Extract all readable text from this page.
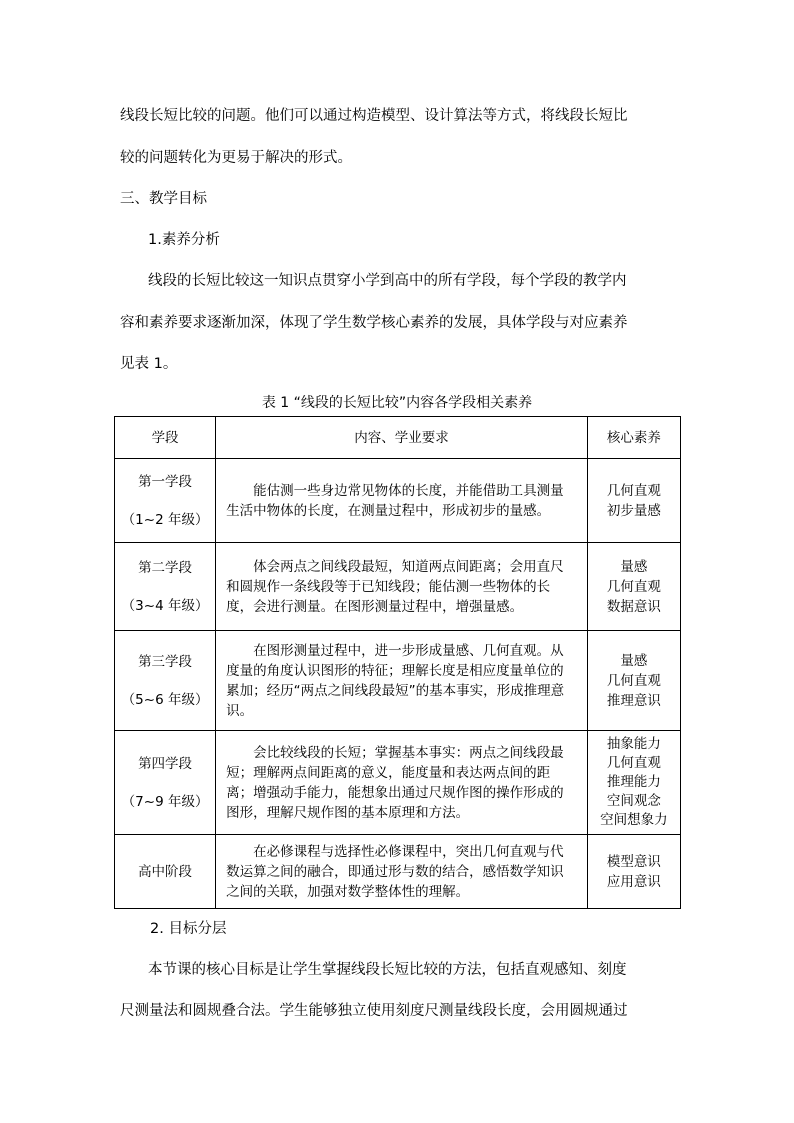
线段长短比较的问题。他们可以通过构造模型、设计算法等方式，将线段长短比
较的问题转化为更易于解决的形式。
三、教学目标
1.素养分析
线段的长短比较这一知识点贯穿小学到高中的所有学段，每个学段的教学内
容和素养要求逐渐加深，体现了学生数学核心素养的发展，具体学段与对应素养
见表 1。
表 1 “线段的长短比较”内容各学段相关素养
学段	内容、学业要求	核心素养

第一学段
（1~2 年级）	能估测一些身边常见物体的长度，并能借助工具测量生活中物体的长度，在测量过程中，形成初步的量感。	几何直观
初步量感

第二学段
（3~4 年级）	体会两点之间线段最短，知道两点间距离；会用直尺和圆规作一条线段等于已知线段；能估测一些物体的长度，会进行测量。在图形测量过程中，增强量感。	量感
几何直观
数据意识

第三学段
（5~6 年级）	在图形测量过程中，进一步形成量感、几何直观。从度量的角度认识图形的特征；理解长度是相应度量单位的累加；经历“两点之间线段最短”的基本事实，形成推理意识。	量感
几何直观
推理意识

第四学段
（7~9 年级）	会比较线段的长短；掌握基本事实：两点之间线段最短；理解两点间距离的意义，能度量和表达两点间的距离；增强动手能力，能想象出通过尺规作图的操作形成的图形，理解尺规作图的基本原理和方法。	抽象能力
几何直观
推理能力
空间观念
空间想象力

高中阶段	在必修课程与选择性必修课程中，突出几何直观与代数运算之间的融合，即通过形与数的结合，感悟数学知识之间的关联，加强对数学整体性的理解。	模型意识
应用意识
2. 目标分层
本节课的核心目标是让学生掌握线段长短比较的方法，包括直观感知、刻度
尺测量法和圆规叠合法。学生能够独立使用刻度尺测量线段长度，会用圆规通过
